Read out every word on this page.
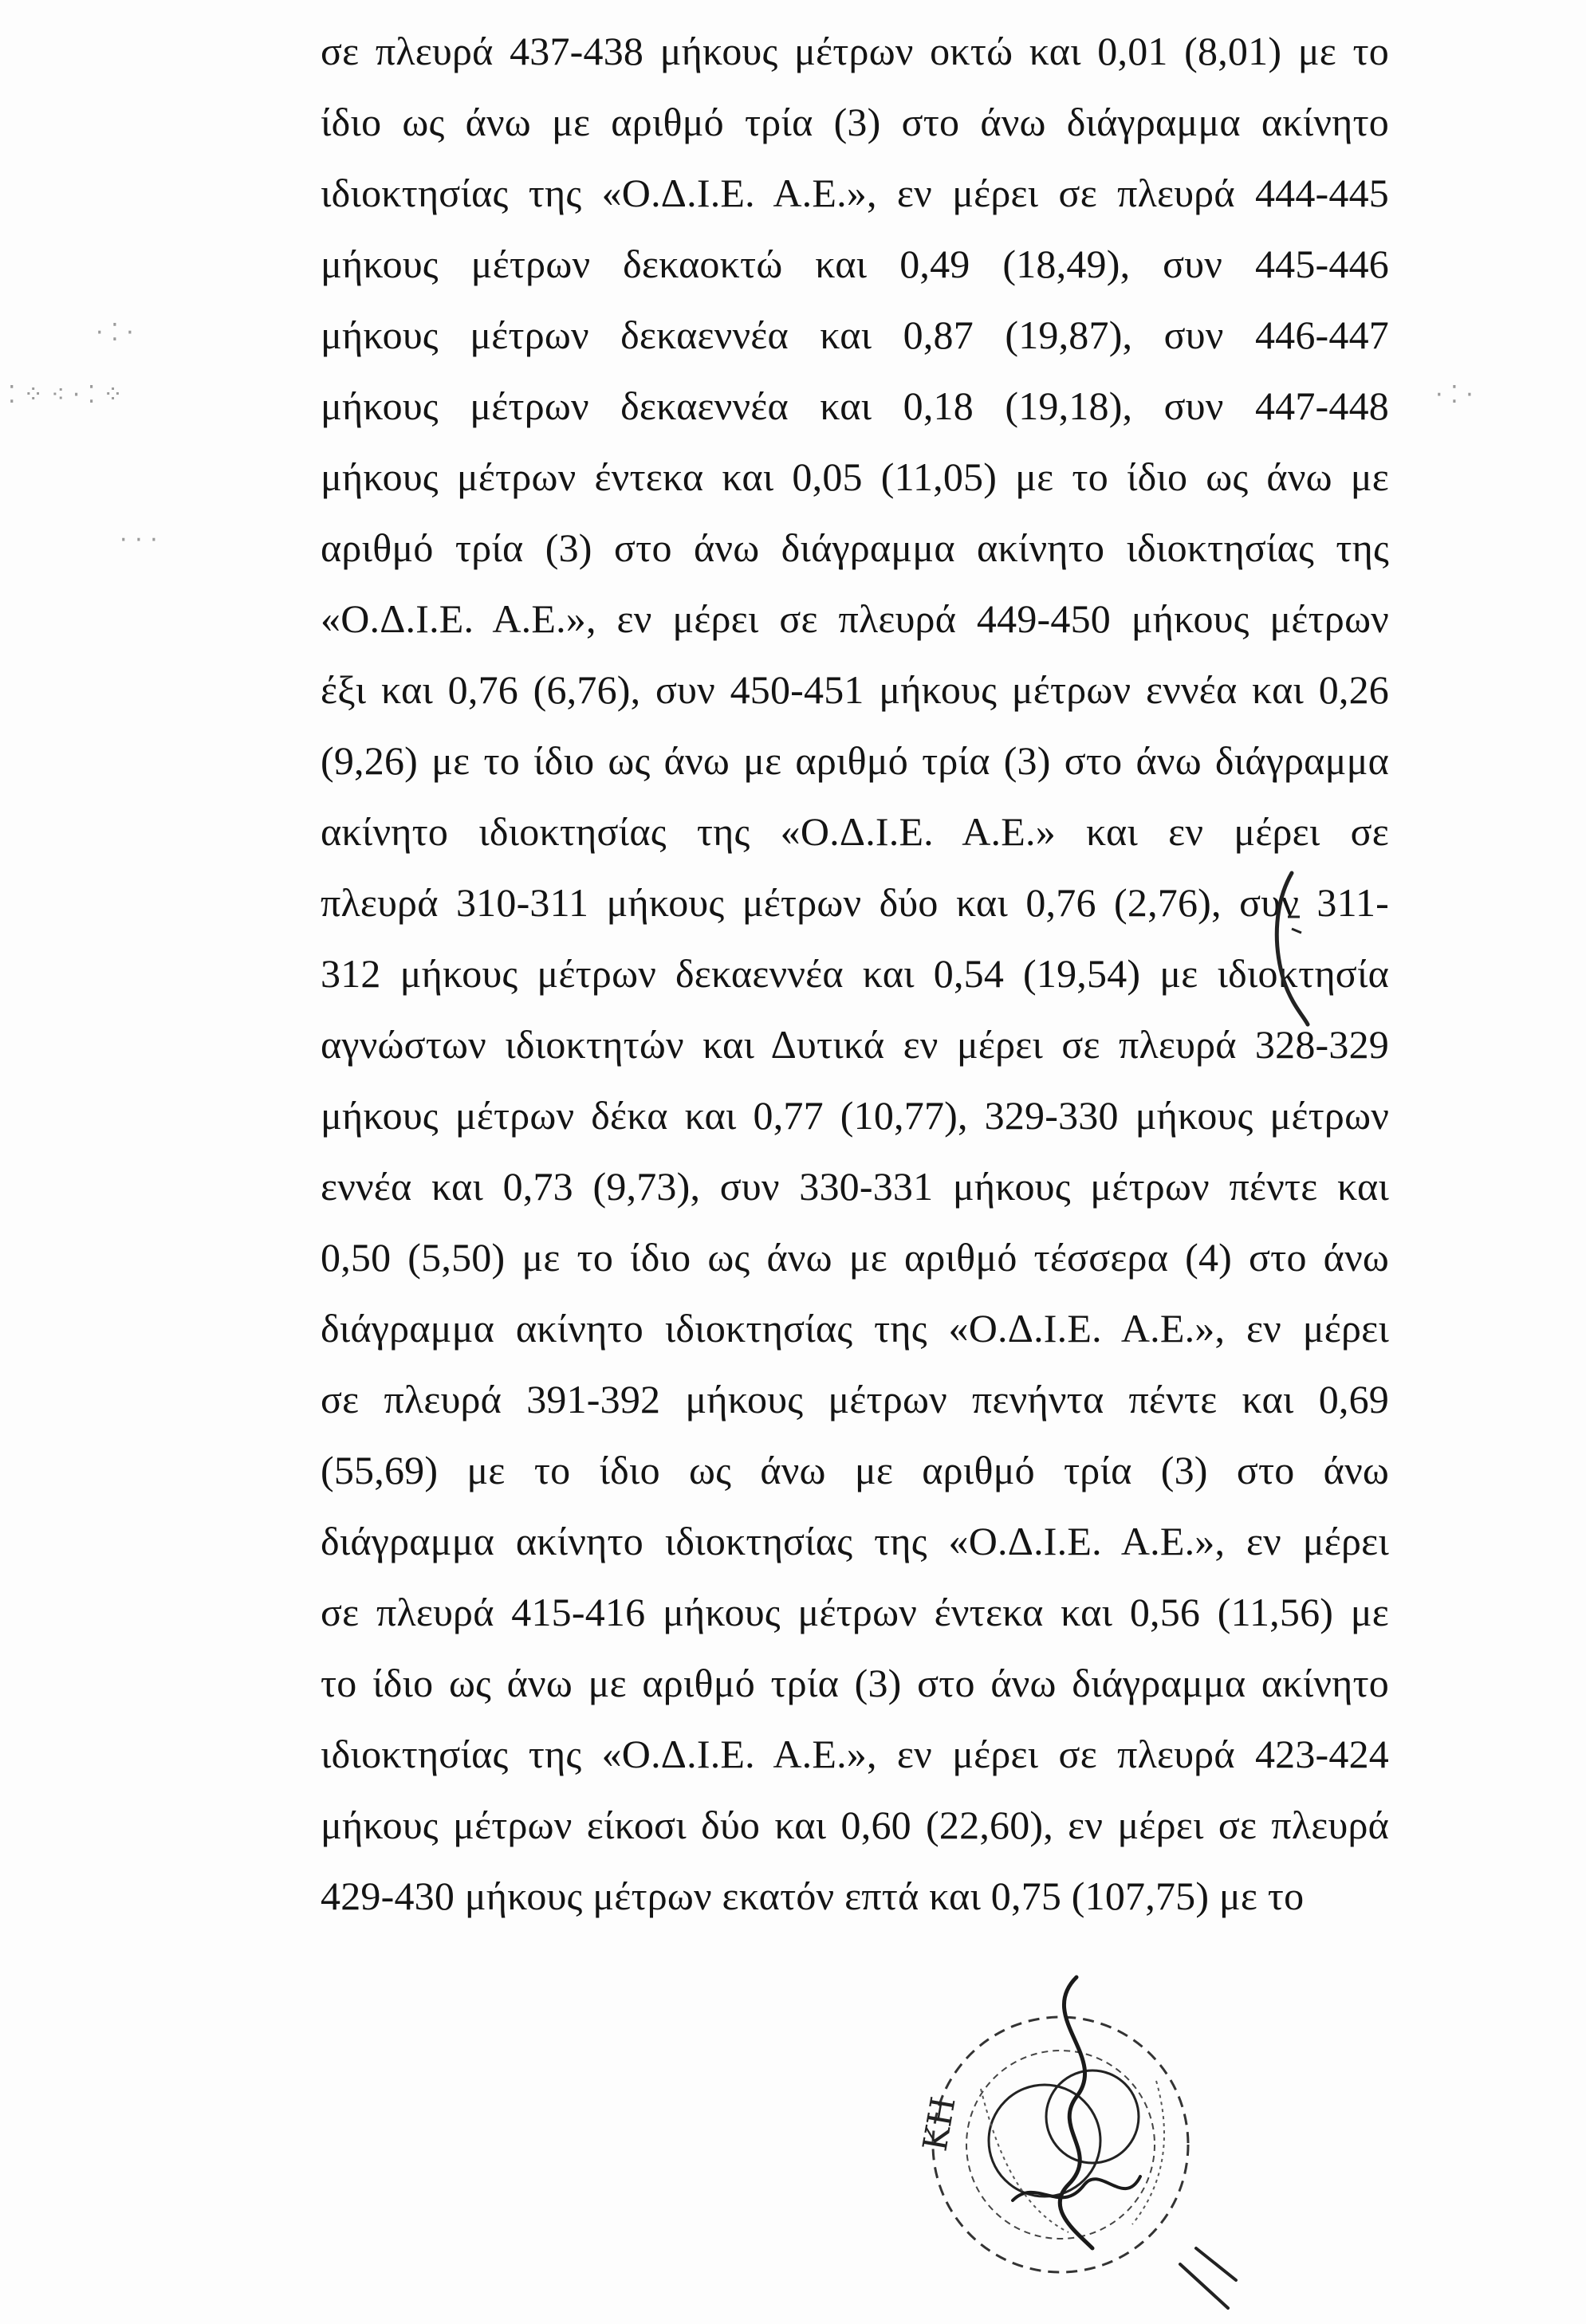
⁚ ⁘ ⁖ · ⁚ ⁘
· ⁚ ·
· · ·
· ⁚ ·
σε πλευρά 437-438 μήκους μέτρων οκτώ και 0,01 (8,01) με το
ίδιο ως άνω με αριθμό τρία (3) στο άνω διάγραμμα ακίνητο
ιδιοκτησίας της «Ο.Δ.Ι.Ε. Α.Ε.», εν μέρει σε πλευρά 444-445
μήκους μέτρων δεκαοκτώ και 0,49 (18,49), συν 445-446
μήκους μέτρων δεκαεννέα και 0,87 (19,87), συν 446-447
μήκους μέτρων δεκαεννέα και 0,18 (19,18), συν 447-448
μήκους μέτρων έντεκα και 0,05 (11,05) με το ίδιο ως άνω με
αριθμό τρία (3) στο άνω διάγραμμα ακίνητο ιδιοκτησίας της
«Ο.Δ.Ι.Ε. Α.Ε.», εν μέρει σε πλευρά 449-450 μήκους μέτρων
έξι και 0,76 (6,76), συν 450-451 μήκους μέτρων εννέα και 0,26
(9,26) με το ίδιο ως άνω με αριθμό τρία (3) στο άνω διάγραμμα
ακίνητο ιδιοκτησίας της «Ο.Δ.Ι.Ε. Α.Ε.» και εν μέρει σε
πλευρά 310-311 μήκους μέτρων δύο και 0,76 (2,76), συν 311-
312 μήκους μέτρων δεκαεννέα και 0,54 (19,54) με ιδιοκτησία
αγνώστων ιδιοκτητών και Δυτικά εν μέρει σε πλευρά 328-329
μήκους μέτρων δέκα και 0,77 (10,77), 329-330 μήκους μέτρων
εννέα και 0,73 (9,73), συν 330-331 μήκους μέτρων πέντε και
0,50 (5,50) με το ίδιο ως άνω με αριθμό τέσσερα (4) στο άνω
διάγραμμα ακίνητο ιδιοκτησίας της «Ο.Δ.Ι.Ε. Α.Ε.», εν μέρει
σε πλευρά 391-392 μήκους μέτρων πενήντα πέντε και 0,69
(55,69) με το ίδιο ως άνω με αριθμό τρία (3) στο άνω
διάγραμμα ακίνητο ιδιοκτησίας της «Ο.Δ.Ι.Ε. Α.Ε.», εν μέρει
σε πλευρά 415-416 μήκους μέτρων έντεκα και 0,56 (11,56) με
το ίδιο ως άνω με αριθμό τρία (3) στο άνω διάγραμμα ακίνητο
ιδιοκτησίας της «Ο.Δ.Ι.Ε. Α.Ε.», εν μέρει σε πλευρά 423-424
μήκους μέτρων είκοσι δύο και 0,60 (22,60), εν μέρει σε πλευρά
429-430 μήκους μέτρων εκατόν επτά και 0,75 (107,75) με το
ΚΗ
